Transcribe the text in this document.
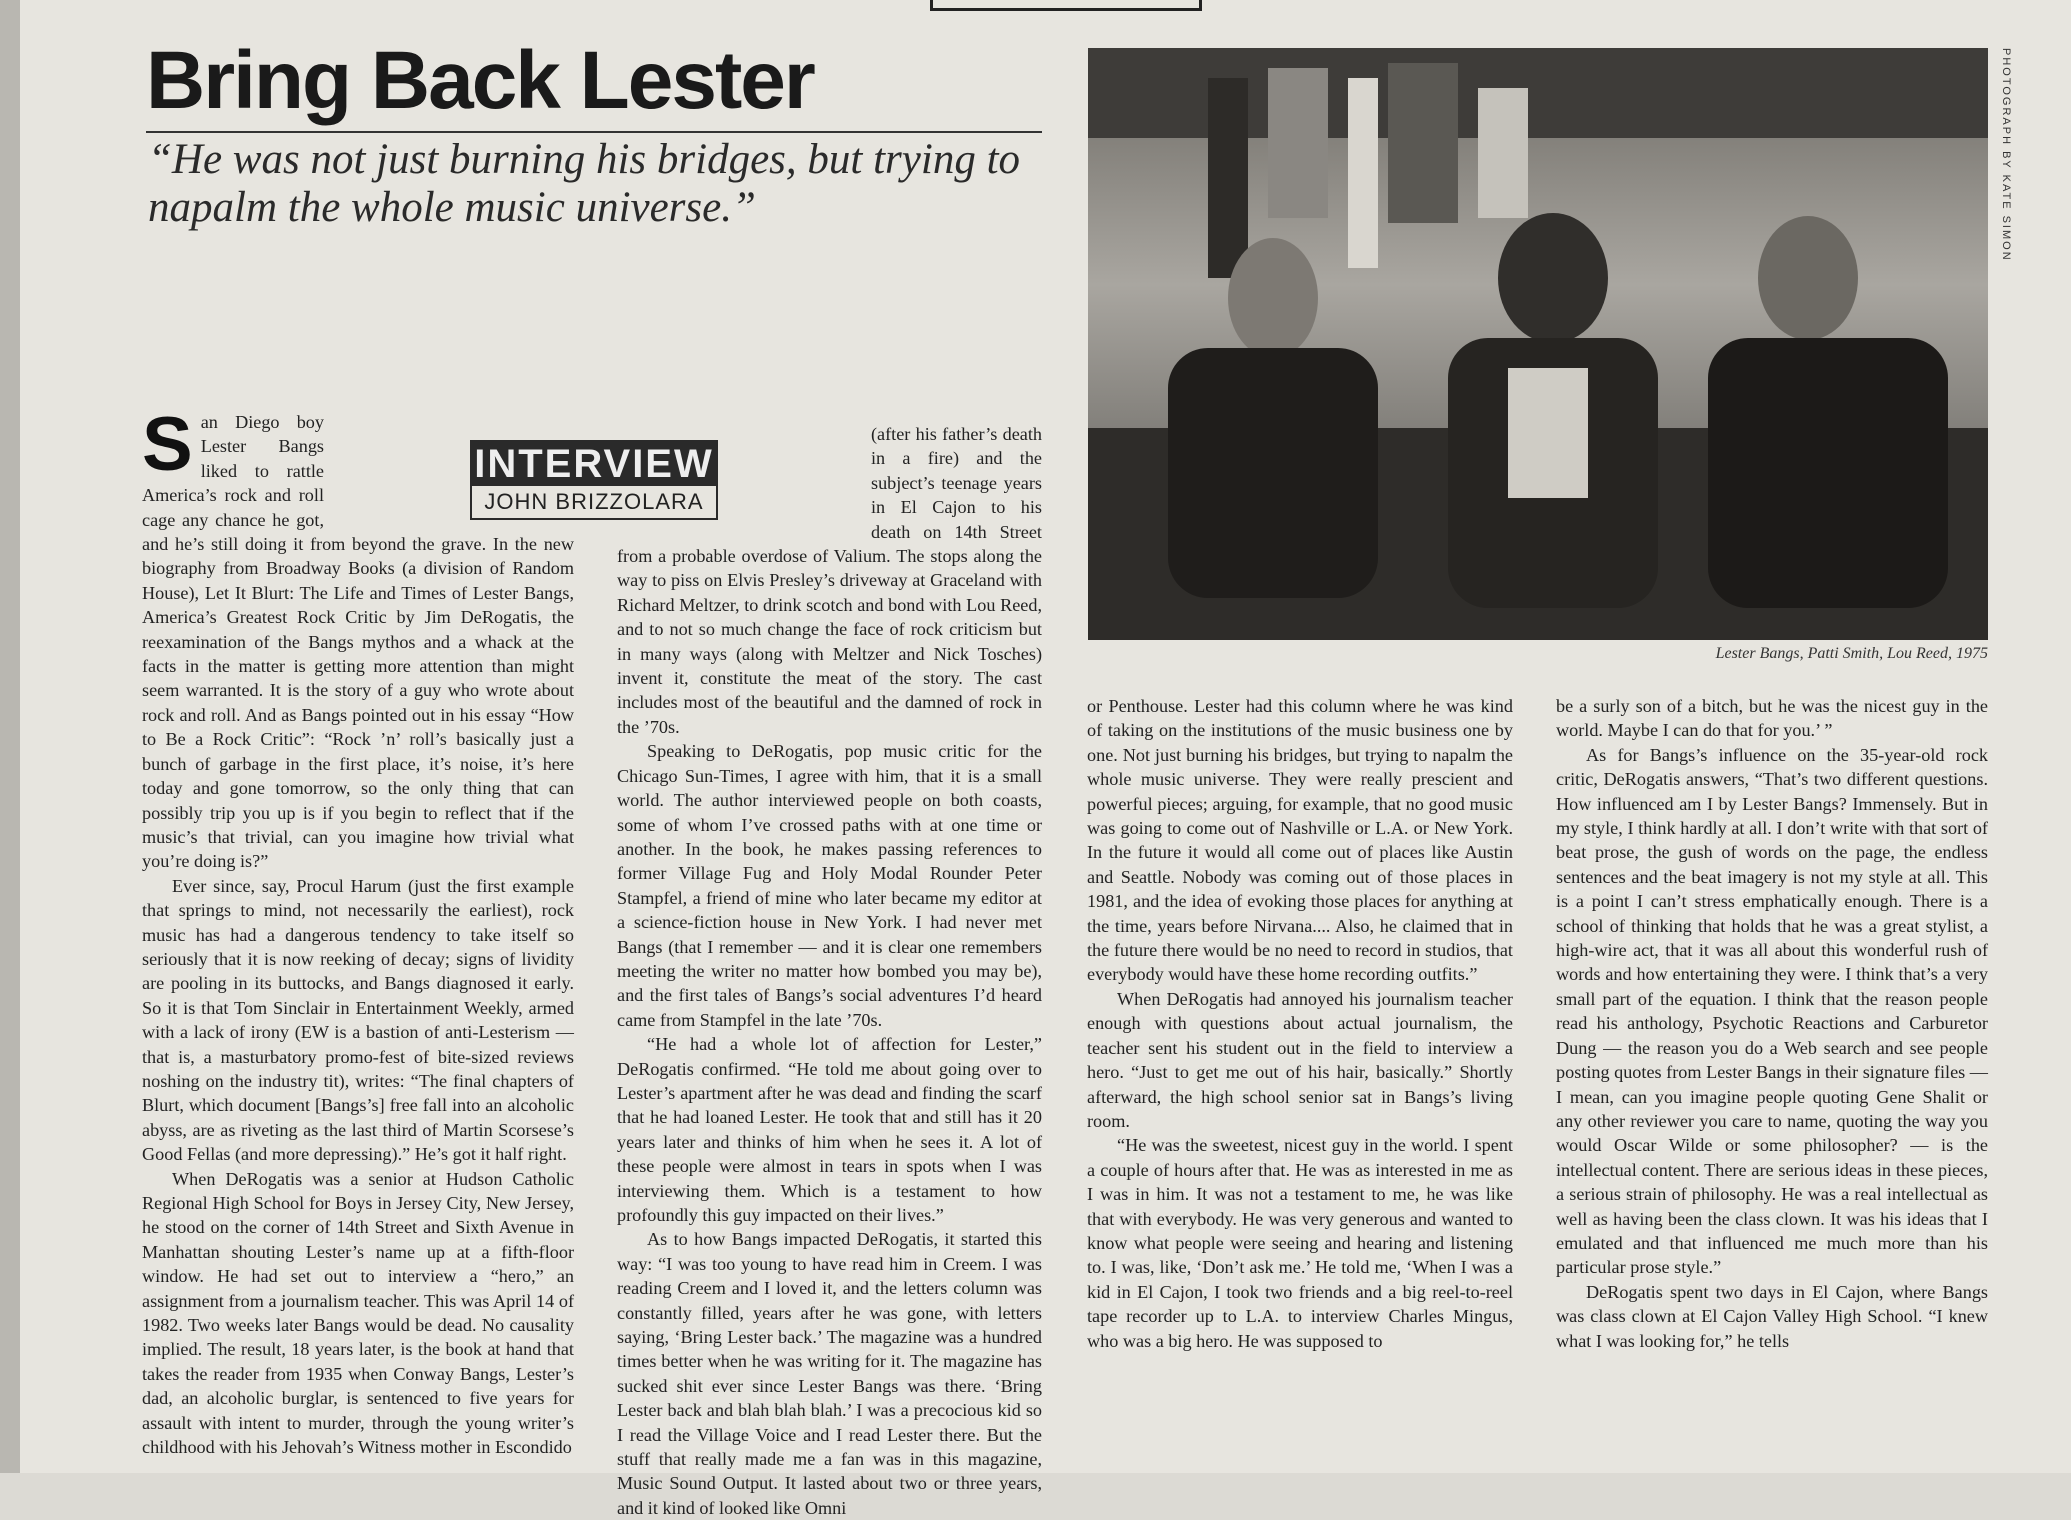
Bring Back Lester

“He was not just burning his bridges, but trying to napalm the whole music universe.”

INTERVIEW
JOHN BRIZZOLARA

San Diego boy Lester Bangs liked to rattle America’s rock and roll cage any chance he got, and he’s still doing it from beyond the grave. In the new biography from Broadway Books (a division of Random House), Let It Blurt: The Life and Times of Lester Bangs, America’s Greatest Rock Critic by Jim DeRogatis, the reexamination of the Bangs mythos and a whack at the facts in the matter is getting more attention than might seem warranted. It is the story of a guy who wrote about rock and roll. And as Bangs pointed out in his essay “How to Be a Rock Critic”: “Rock ’n’ roll’s basically just a bunch of garbage in the first place, it’s noise, it’s here today and gone tomorrow, so the only thing that can possibly trip you up is if you begin to reflect that if the music’s that trivial, can you imagine how trivial what you’re doing is?”

Ever since, say, Procul Harum (just the first example that springs to mind, not necessarily the earliest), rock music has had a dangerous tendency to take itself so seriously that it is now reeking of decay; signs of lividity are pooling in its buttocks, and Bangs diagnosed it early. So it is that Tom Sinclair in Entertainment Weekly, armed with a lack of irony (EW is a bastion of anti-Lesterism — that is, a masturbatory promo-fest of bite-sized reviews noshing on the industry tit), writes: “The final chapters of Blurt, which document [Bangs’s] free fall into an alcoholic abyss, are as riveting as the last third of Martin Scorsese’s Good Fellas (and more depressing).” He’s got it half right.

When DeRogatis was a senior at Hudson Catholic Regional High School for Boys in Jersey City, New Jersey, he stood on the corner of 14th Street and Sixth Avenue in Manhattan shouting Lester’s name up at a fifth-floor window. He had set out to interview a “hero,” an assignment from a journalism teacher. This was April 14 of 1982. Two weeks later Bangs would be dead. No causality implied. The result, 18 years later, is the book at hand that takes the reader from 1935 when Conway Bangs, Lester’s dad, an alcoholic burglar, is sentenced to five years for assault with intent to murder, through the young writer’s childhood with his Jehovah’s Witness mother in Escondido

(after his father’s death in a fire) and the subject’s teenage years in El Cajon to his death on 14th Street from a probable overdose of Valium. The stops along the way to piss on Elvis Presley’s driveway at Graceland with Richard Meltzer, to drink scotch and bond with Lou Reed, and to not so much change the face of rock criticism but in many ways (along with Meltzer and Nick Tosches) invent it, constitute the meat of the story. The cast includes most of the beautiful and the damned of rock in the ’70s.

Speaking to DeRogatis, pop music critic for the Chicago Sun-Times, I agree with him, that it is a small world. The author interviewed people on both coasts, some of whom I’ve crossed paths with at one time or another. In the book, he makes passing references to former Village Fug and Holy Modal Rounder Peter Stampfel, a friend of mine who later became my editor at a science-fiction house in New York. I had never met Bangs (that I remember — and it is clear one remembers meeting the writer no matter how bombed you may be), and the first tales of Bangs’s social adventures I’d heard came from Stampfel in the late ’70s.

“He had a whole lot of affection for Lester,” DeRogatis confirmed. “He told me about going over to Lester’s apartment after he was dead and finding the scarf that he had loaned Lester. He took that and still has it 20 years later and thinks of him when he sees it. A lot of these people were almost in tears in spots when I was interviewing them. Which is a testament to how profoundly this guy impacted on their lives.”

As to how Bangs impacted DeRogatis, it started this way: “I was too young to have read him in Creem. I was reading Creem and I loved it, and the letters column was constantly filled, years after he was gone, with letters saying, ‘Bring Lester back.’ The magazine was a hundred times better when he was writing for it. The magazine has sucked shit ever since Lester Bangs was there. ‘Bring Lester back and blah blah blah.’ I was a precocious kid so I read the Village Voice and I read Lester there. But the stuff that really made me a fan was in this magazine, Music Sound Output. It lasted about two or three years, and it kind of looked like Omni

PHOTOGRAPH BY KATE SIMON
Lester Bangs, Patti Smith, Lou Reed, 1975

or Penthouse. Lester had this column where he was kind of taking on the institutions of the music business one by one. Not just burning his bridges, but trying to napalm the whole music universe. They were really prescient and powerful pieces; arguing, for example, that no good music was going to come out of Nashville or L.A. or New York. In the future it would all come out of places like Austin and Seattle. Nobody was coming out of those places in 1981, and the idea of evoking those places for anything at the time, years before Nirvana.... Also, he claimed that in the future there would be no need to record in studios, that everybody would have these home recording outfits.”

When DeRogatis had annoyed his journalism teacher enough with questions about actual journalism, the teacher sent his student out in the field to interview a hero. “Just to get me out of his hair, basically.” Shortly afterward, the high school senior sat in Bangs’s living room.

“He was the sweetest, nicest guy in the world. I spent a couple of hours after that. He was as interested in me as I was in him. It was not a testament to me, he was like that with everybody. He was very generous and wanted to know what people were seeing and hearing and listening to. I was, like, ‘Don’t ask me.’ He told me, ‘When I was a kid in El Cajon, I took two friends and a big reel-to-reel tape recorder up to L.A. to interview Charles Mingus, who was a big hero. He was supposed to

be a surly son of a bitch, but he was the nicest guy in the world. Maybe I can do that for you.’ ”

As for Bangs’s influence on the 35-year-old rock critic, DeRogatis answers, “That’s two different questions. How influenced am I by Lester Bangs? Immensely. But in my style, I think hardly at all. I don’t write with that sort of beat prose, the gush of words on the page, the endless sentences and the beat imagery is not my style at all. This is a point I can’t stress emphatically enough. There is a school of thinking that holds that he was a great stylist, a high-wire act, that it was all about this wonderful rush of words and how entertaining they were. I think that’s a very small part of the equation. I think that the reason people read his anthology, Psychotic Reactions and Carburetor Dung — the reason you do a Web search and see people posting quotes from Lester Bangs in their signature files — I mean, can you imagine people quoting Gene Shalit or any other reviewer you care to name, quoting the way you would Oscar Wilde or some philosopher? — is the intellectual content. There are serious ideas in these pieces, a serious strain of philosophy. He was a real intellectual as well as having been the class clown. It was his ideas that I emulated and that influenced me much more than his particular prose style.”

DeRogatis spent two days in El Cajon, where Bangs was class clown at El Cajon Valley High School. “I knew what I was looking for,” he tells
